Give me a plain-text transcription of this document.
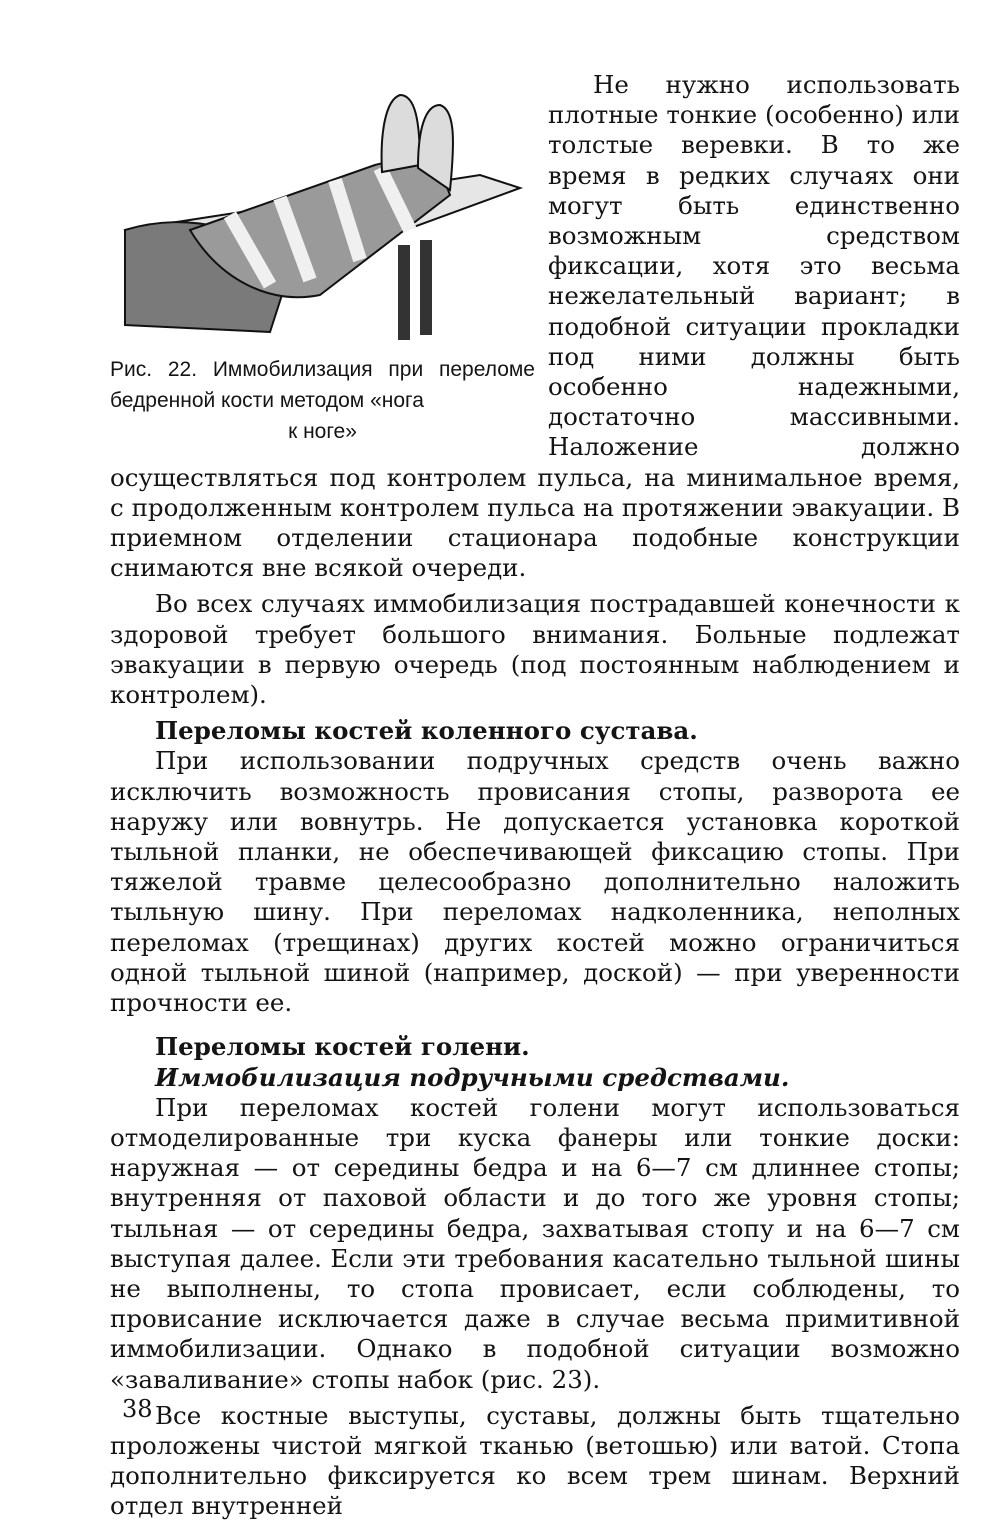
Рис. 22. Иммобилизация при переломе бедренной кости методом «нога
к ноге»

Не нужно использовать плотные тонкие (особенно) или толстые веревки. В то же время в редких случаях они могут быть единственно возможным средством фиксации, хотя это весьма нежелательный вариант; в подобной ситуации прокладки под ними должны быть особенно надежными, достаточно массивными. Наложение должно осуществляться под контролем пульса, на минимальное время, с продолженным контролем пульса на протяжении эвакуации. В приемном отделении стационара подобные конструкции снимаются вне всякой очереди.

Во всех случаях иммобилизация пострадавшей конечности к здоровой требует большого внимания. Больные подлежат эвакуации в первую очередь (под постоянным наблюдением и контролем).

Переломы костей коленного сустава.

При использовании подручных средств очень важно исключить возможность провисания стопы, разворота ее наружу или вовнутрь. Не допускается установка короткой тыльной планки, не обеспечивающей фиксацию стопы. При тяжелой травме целесообразно дополнительно наложить тыльную шину. При переломах надколенника, неполных переломах (трещинах) других костей можно ограничиться одной тыльной шиной (например, доской) — при уверенности прочности ее.

Переломы костей голени.
Иммобилизация подручными средствами.

При переломах костей голени могут использоваться отмоделированные три куска фанеры или тонкие доски: наружная — от середины бедра и на 6—7 см длиннее стопы; внутренняя от паховой области и до того же уровня стопы; тыльная — от середины бедра, захватывая стопу и на 6—7 см выступая далее. Если эти требования касательно тыльной шины не выполнены, то стопа провисает, если соблюдены, то провисание исключается даже в случае весьма примитивной иммобилизации. Однако в подобной ситуации возможно «заваливание» стопы набок (рис. 23).

Все костные выступы, суставы, должны быть тщательно проложены чистой мягкой тканью (ветошью) или ватой. Стопа дополнительно фиксируется ко всем трем шинам. Верхний отдел внутренней

38
